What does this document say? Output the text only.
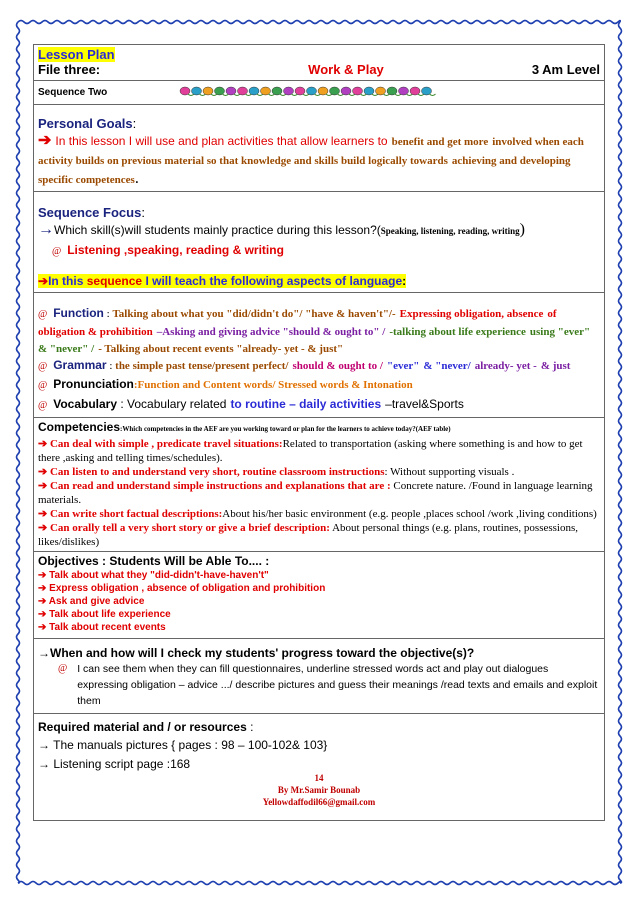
Lesson Plan
File three:	Work & Play	3 Am Level
Sequence Two
Personal Goals:
➔ In this lesson I will use and plan activities that allow learners to benefit and get more involved when each activity builds on previous material so that knowledge and skills build logically towards achieving and developing specific competences.
Sequence Focus:
→Which skill(s)will students mainly practice during this lesson?(Speaking, listening, reading, writing)
@ Listening ,speaking, reading & writing
➔In this sequence I will teach the following aspects of language:
@ Function : Talking about what you "did/didn't do"/ "have & haven't"/- Expressing obligation, absence of obligation & prohibition –Asking and giving advice "should & ought to" / -talking about life experience using "ever" & "never" / - Talking about recent events "already- yet - & just"
@ Grammar : the simple past tense/present perfect/ should & ought to / "ever" & "never/ already- yet - & just
@ Pronunciation:Function and Content words/ Stressed words & Intonation
@ Vocabulary : Vocabulary related to routine – daily activities –travel&Sports
Competencies:Which competencies in the AEF are you working toward or plan for the learners to achieve today?(AEF table)
➔ Can deal with simple , predicate travel situations:Related to transportation (asking where something is and how to get there ,asking and telling times/schedules).
➔ Can listen to and understand very short, routine classroom instructions: Without supporting visuals .
➔ Can read and understand simple instructions and explanations that are : Concrete nature. /Found in language learning materials.
➔ Can write short factual descriptions:About his/her basic environment (e.g. people ,places school /work ,living conditions)
➔ Can orally tell a very short story or give a brief description: About personal things (e.g. plans, routines, possessions, likes/dislikes)
Objectives : Students Will be Able To.... :
➔ Talk about what they "did-didn't-have-haven't"
➔ Express obligation , absence of obligation and prohibition
➔ Ask and give advice
➔ Talk about life experience
➔ Talk about recent events
→When and how will I check my students' progress toward the objective(s)?
@ I can see them when they can fill questionnaires, underline stressed words act and play out dialogues expressing obligation – advice .../ describe pictures and guess their meanings /read texts and emails and exploit them
Required material and / or resources :
→ The manuals pictures { pages : 98 – 100-102& 103}
→ Listening script page :168
14
By Mr.Samir Bounab
Yellowdaffodil66@gmail.com
